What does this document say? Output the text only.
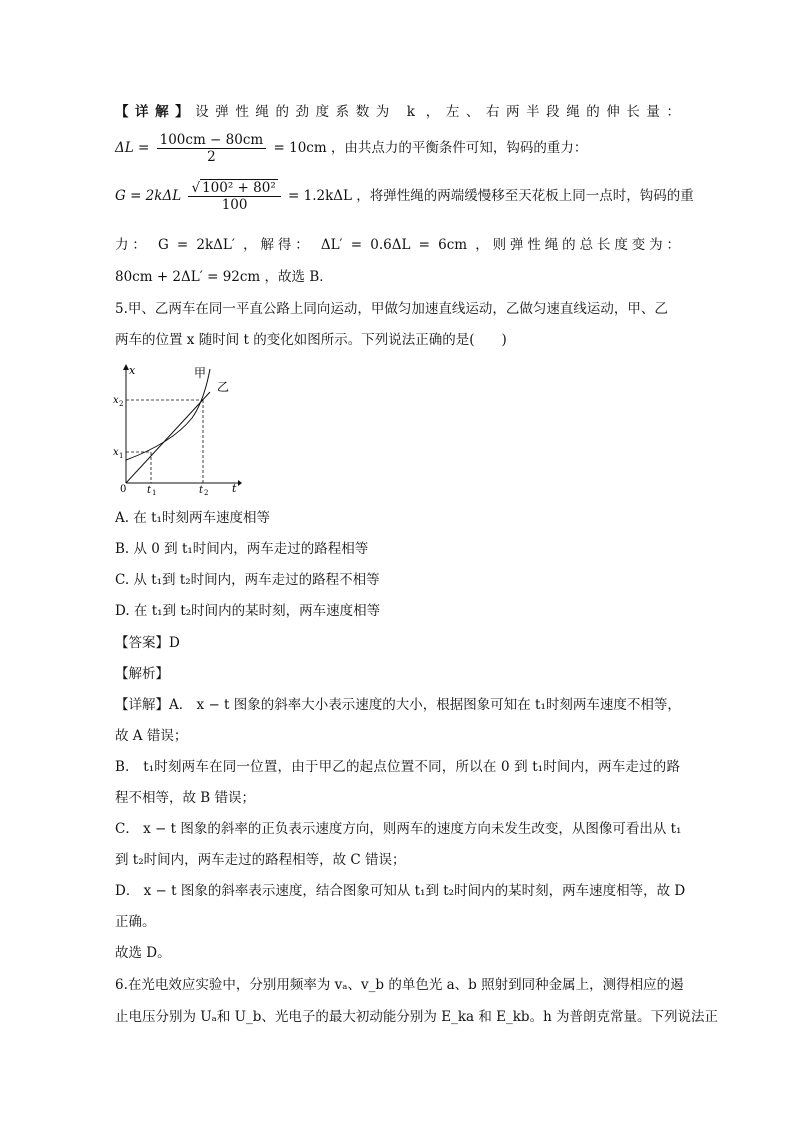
【详解】设弹性绳的劲度系数为 k ，左、右两半段绳的伸长量：
$\Delta L = \frac{100cm - 80cm}{2} = 10cm$ ，由共点力的平衡条件可知，钩码的重力：
$G = 2k\Delta L \frac{\text{√ 100² + 80²}}{100} = 1.2k\Delta L$ ，将弹性绳的两端缓慢移至天花板上同一点时，钩码的重
力： G = 2kΔL′ ，解得： ΔL′ = 0.6ΔL = 6cm ，则弹性绳的总长度变为：
80cm + 2ΔL′ = 92cm ，故选 B．
5.甲、乙两车在同一平直公路上同向运动，甲做匀加速直线运动，乙做匀速直线运动，甲、乙
两车的位置 x 随时间 t 的变化如图所示。下列说法正确的是(　　)
x
t
甲
乙
x 1
x 2
t 1	t 2
0
A. 在 t₁时刻两车速度相等
B. 从 0 到 t₁时间内，两车走过的路程相等
C. 从 t₁到 t₂时间内，两车走过的路程不相等
D. 在 t₁到 t₂时间内的某时刻，两车速度相等
【答案】D
【解析】
【详解】A． x − t 图象的斜率大小表示速度的大小，根据图象可知在 t₁时刻两车速度不相等，
故 A 错误；
B． t₁时刻两车在同一位置，由于甲乙的起点位置不同，所以在 0 到 t₁时间内，两车走过的路
程不相等，故 B 错误；
C． x − t 图象的斜率的正负表示速度方向，则两车的速度方向未发生改变，从图像可看出从 t₁
到 t₂时间内，两车走过的路程相等，故 C 错误；
D． x − t 图象的斜率表示速度，结合图象可知从 t₁到 t₂时间内的某时刻，两车速度相等，故 D
正确。
故选 D。
6.在光电效应实验中，分别用频率为 vₐ、v_b 的单色光 a、b 照射到同种金属上，测得相应的遏
止电压分别为 Uₐ和 U_b、光电子的最大初动能分别为 E_ka 和 E_kb。h 为普朗克常量。下列说法正
